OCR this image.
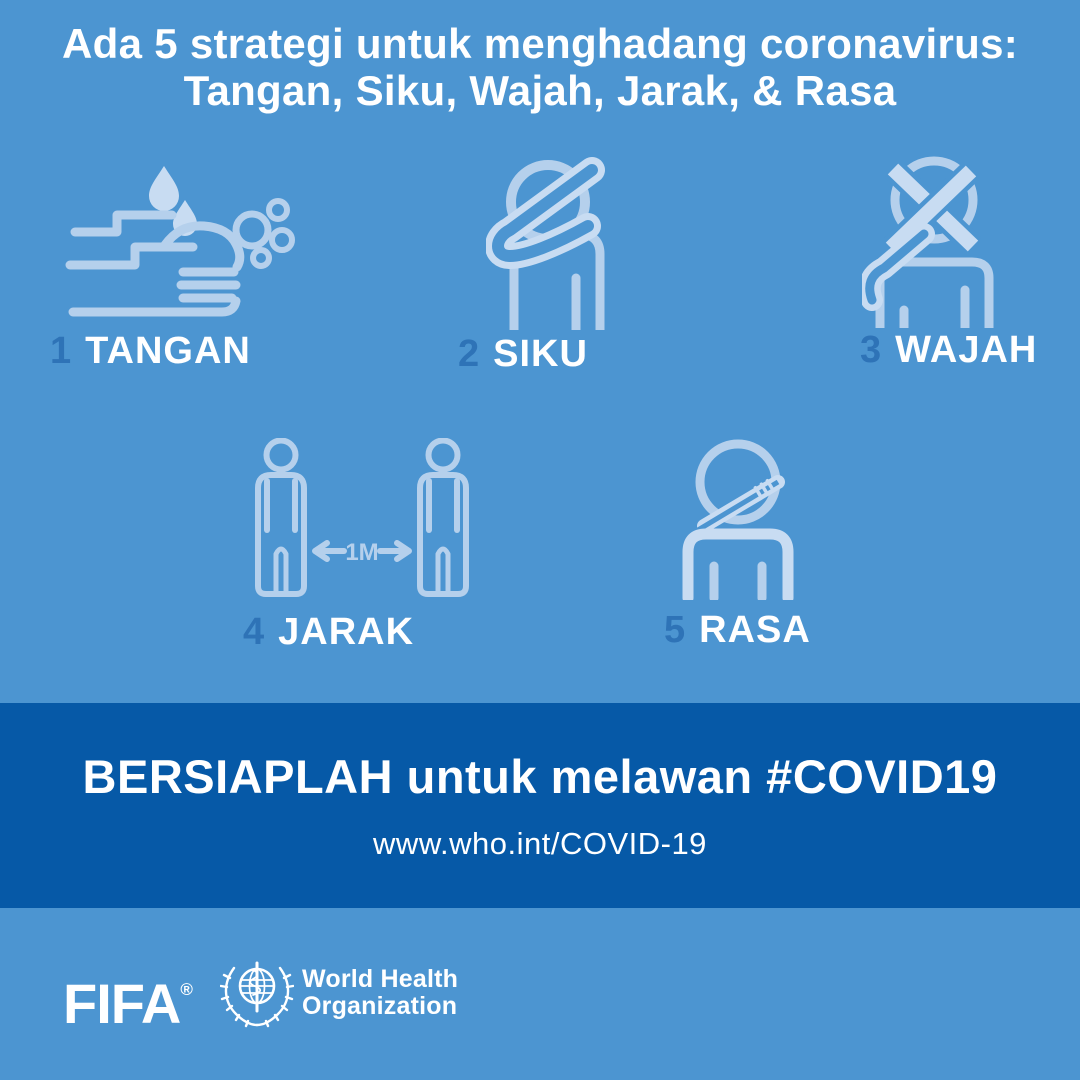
Ada 5 strategi untuk menghadang coronavirus:
Tangan, Siku, Wajah, Jarak, & Rasa
1 TANGAN	2 SIKU	3 WAJAH
1M
4 JARAK	5 RASA
BERSIAPLAH untuk melawan #COVID19
www.who.int/COVID-19
FIFA®	World Health
Organization
